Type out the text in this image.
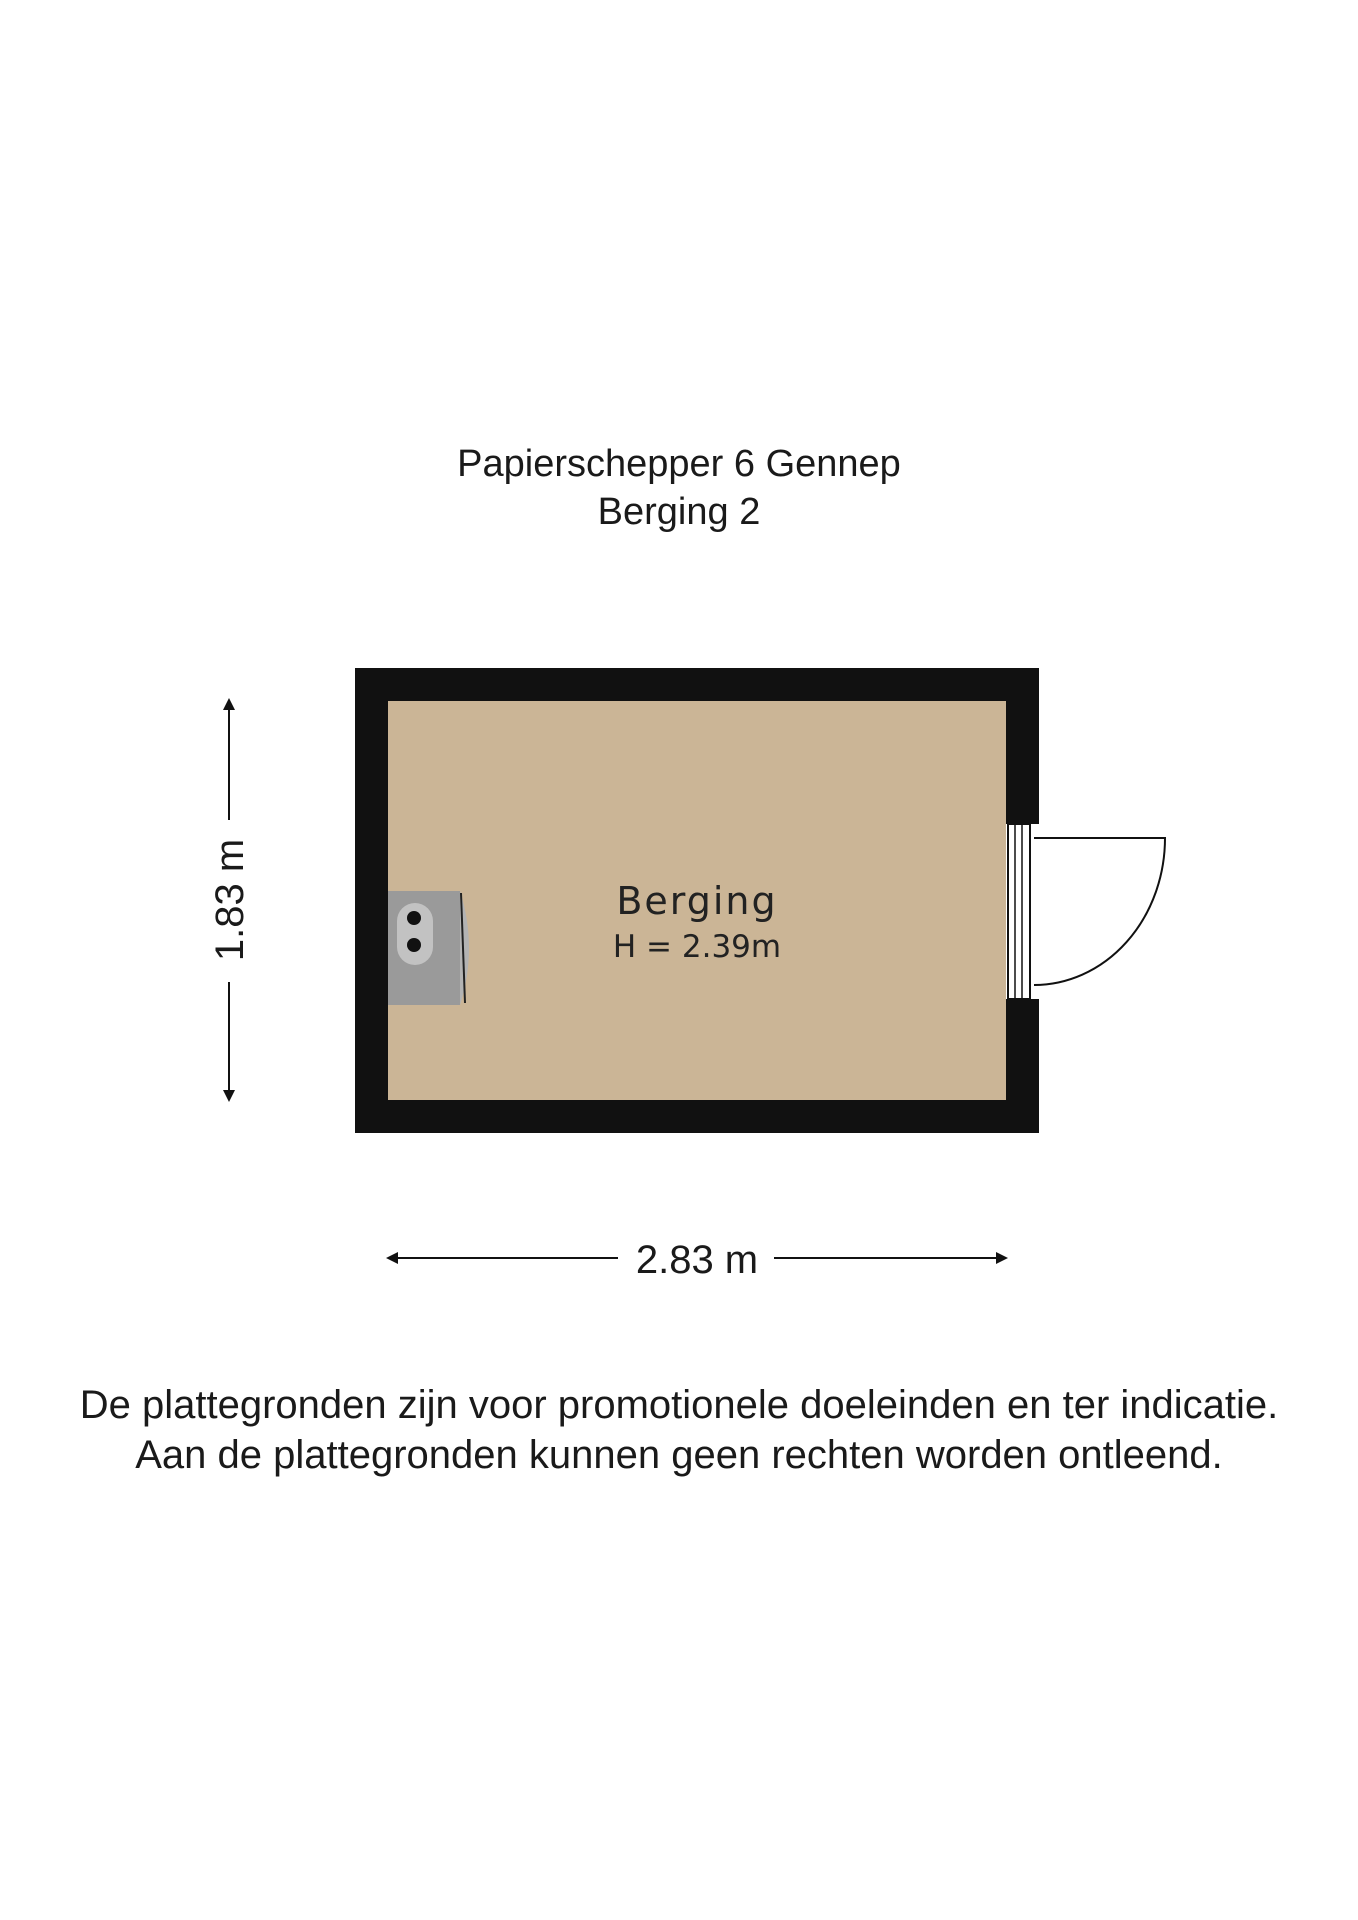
Papierschepper 6 Gennep
Berging 2
Berging
H = 2.39m
1.83 m
2.83 m
De plattegronden zijn voor promotionele doeleinden en ter indicatie.
Aan de plattegronden kunnen geen rechten worden ontleend.
